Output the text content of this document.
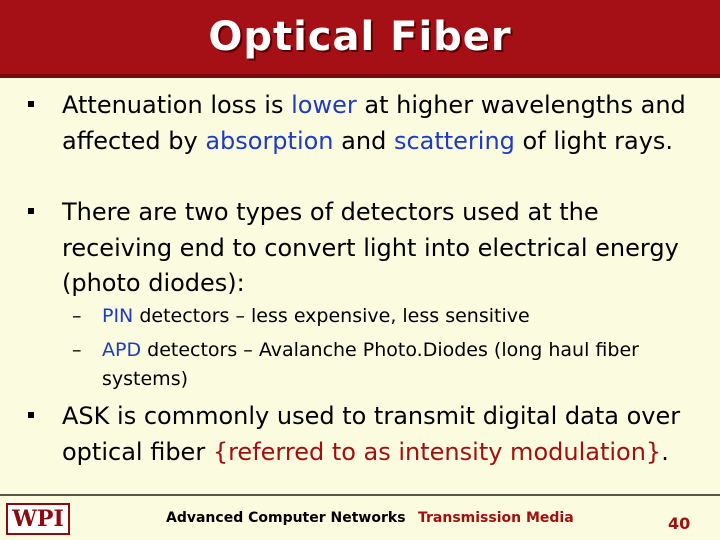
Optical Fiber
Attenuation loss is lower at higher wavelengths and affected by absorption and scattering of light rays.
There are two types of detectors used at the receiving end to convert light into electrical energy (photo diodes):
–	PIN detectors – less expensive, less sensitive
–	APD detectors – Avalanche Photo.Diodes (long haul fiber systems)
ASK is commonly used to transmit digital data over optical fiber {referred to as intensity modulation}.
WPI	Advanced Computer Networks Transmission Media	40
